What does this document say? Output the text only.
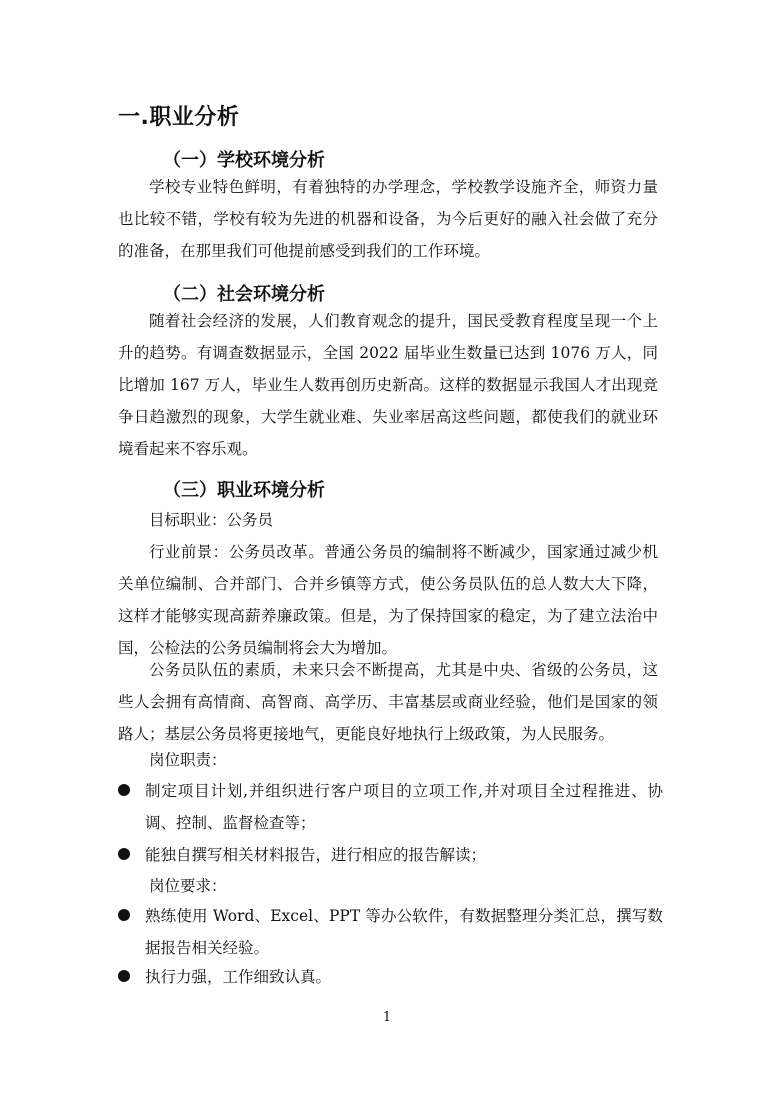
一.职业分析
（一）学校环境分析

学校专业特色鲜明，有着独特的办学理念，学校教学设施齐全，师资力量也比较不错，学校有较为先进的机器和设备，为今后更好的融入社会做了充分的准备，在那里我们可他提前感受到我们的工作环境。

（二）社会环境分析

随着社会经济的发展，人们教育观念的提升，国民受教育程度呈现一个上升的趋势。有调查数据显示，全国 2022 届毕业生数量已达到 1076 万人，同比增加 167 万人，毕业生人数再创历史新高。这样的数据显示我国人才出现竞争日趋激烈的现象，大学生就业难、失业率居高这些问题，都使我们的就业环境看起来不容乐观。

（三）职业环境分析

目标职业：公务员

行业前景：公务员改革。普通公务员的编制将不断减少，国家通过减少机关单位编制、合并部门、合并乡镇等方式，使公务员队伍的总人数大大下降，这样才能够实现高薪养廉政策。但是，为了保持国家的稳定，为了建立法治中国，公检法的公务员编制将会大为增加。

公务员队伍的素质，未来只会不断提高，尤其是中央、省级的公务员，这些人会拥有高情商、高智商、高学历、丰富基层或商业经验，他们是国家的领路人；基层公务员将更接地气，更能良好地执行上级政策，为人民服务。

岗位职责：

制定项目计划,并组织进行客户项目的立项工作,并对项目全过程推进、协调、控制、监督检查等；

能独自撰写相关材料报告，进行相应的报告解读；

岗位要求：

熟练使用 Word、Excel、PPT 等办公软件，有数据整理分类汇总，撰写数据报告相关经验。

执行力强，工作细致认真。

1
